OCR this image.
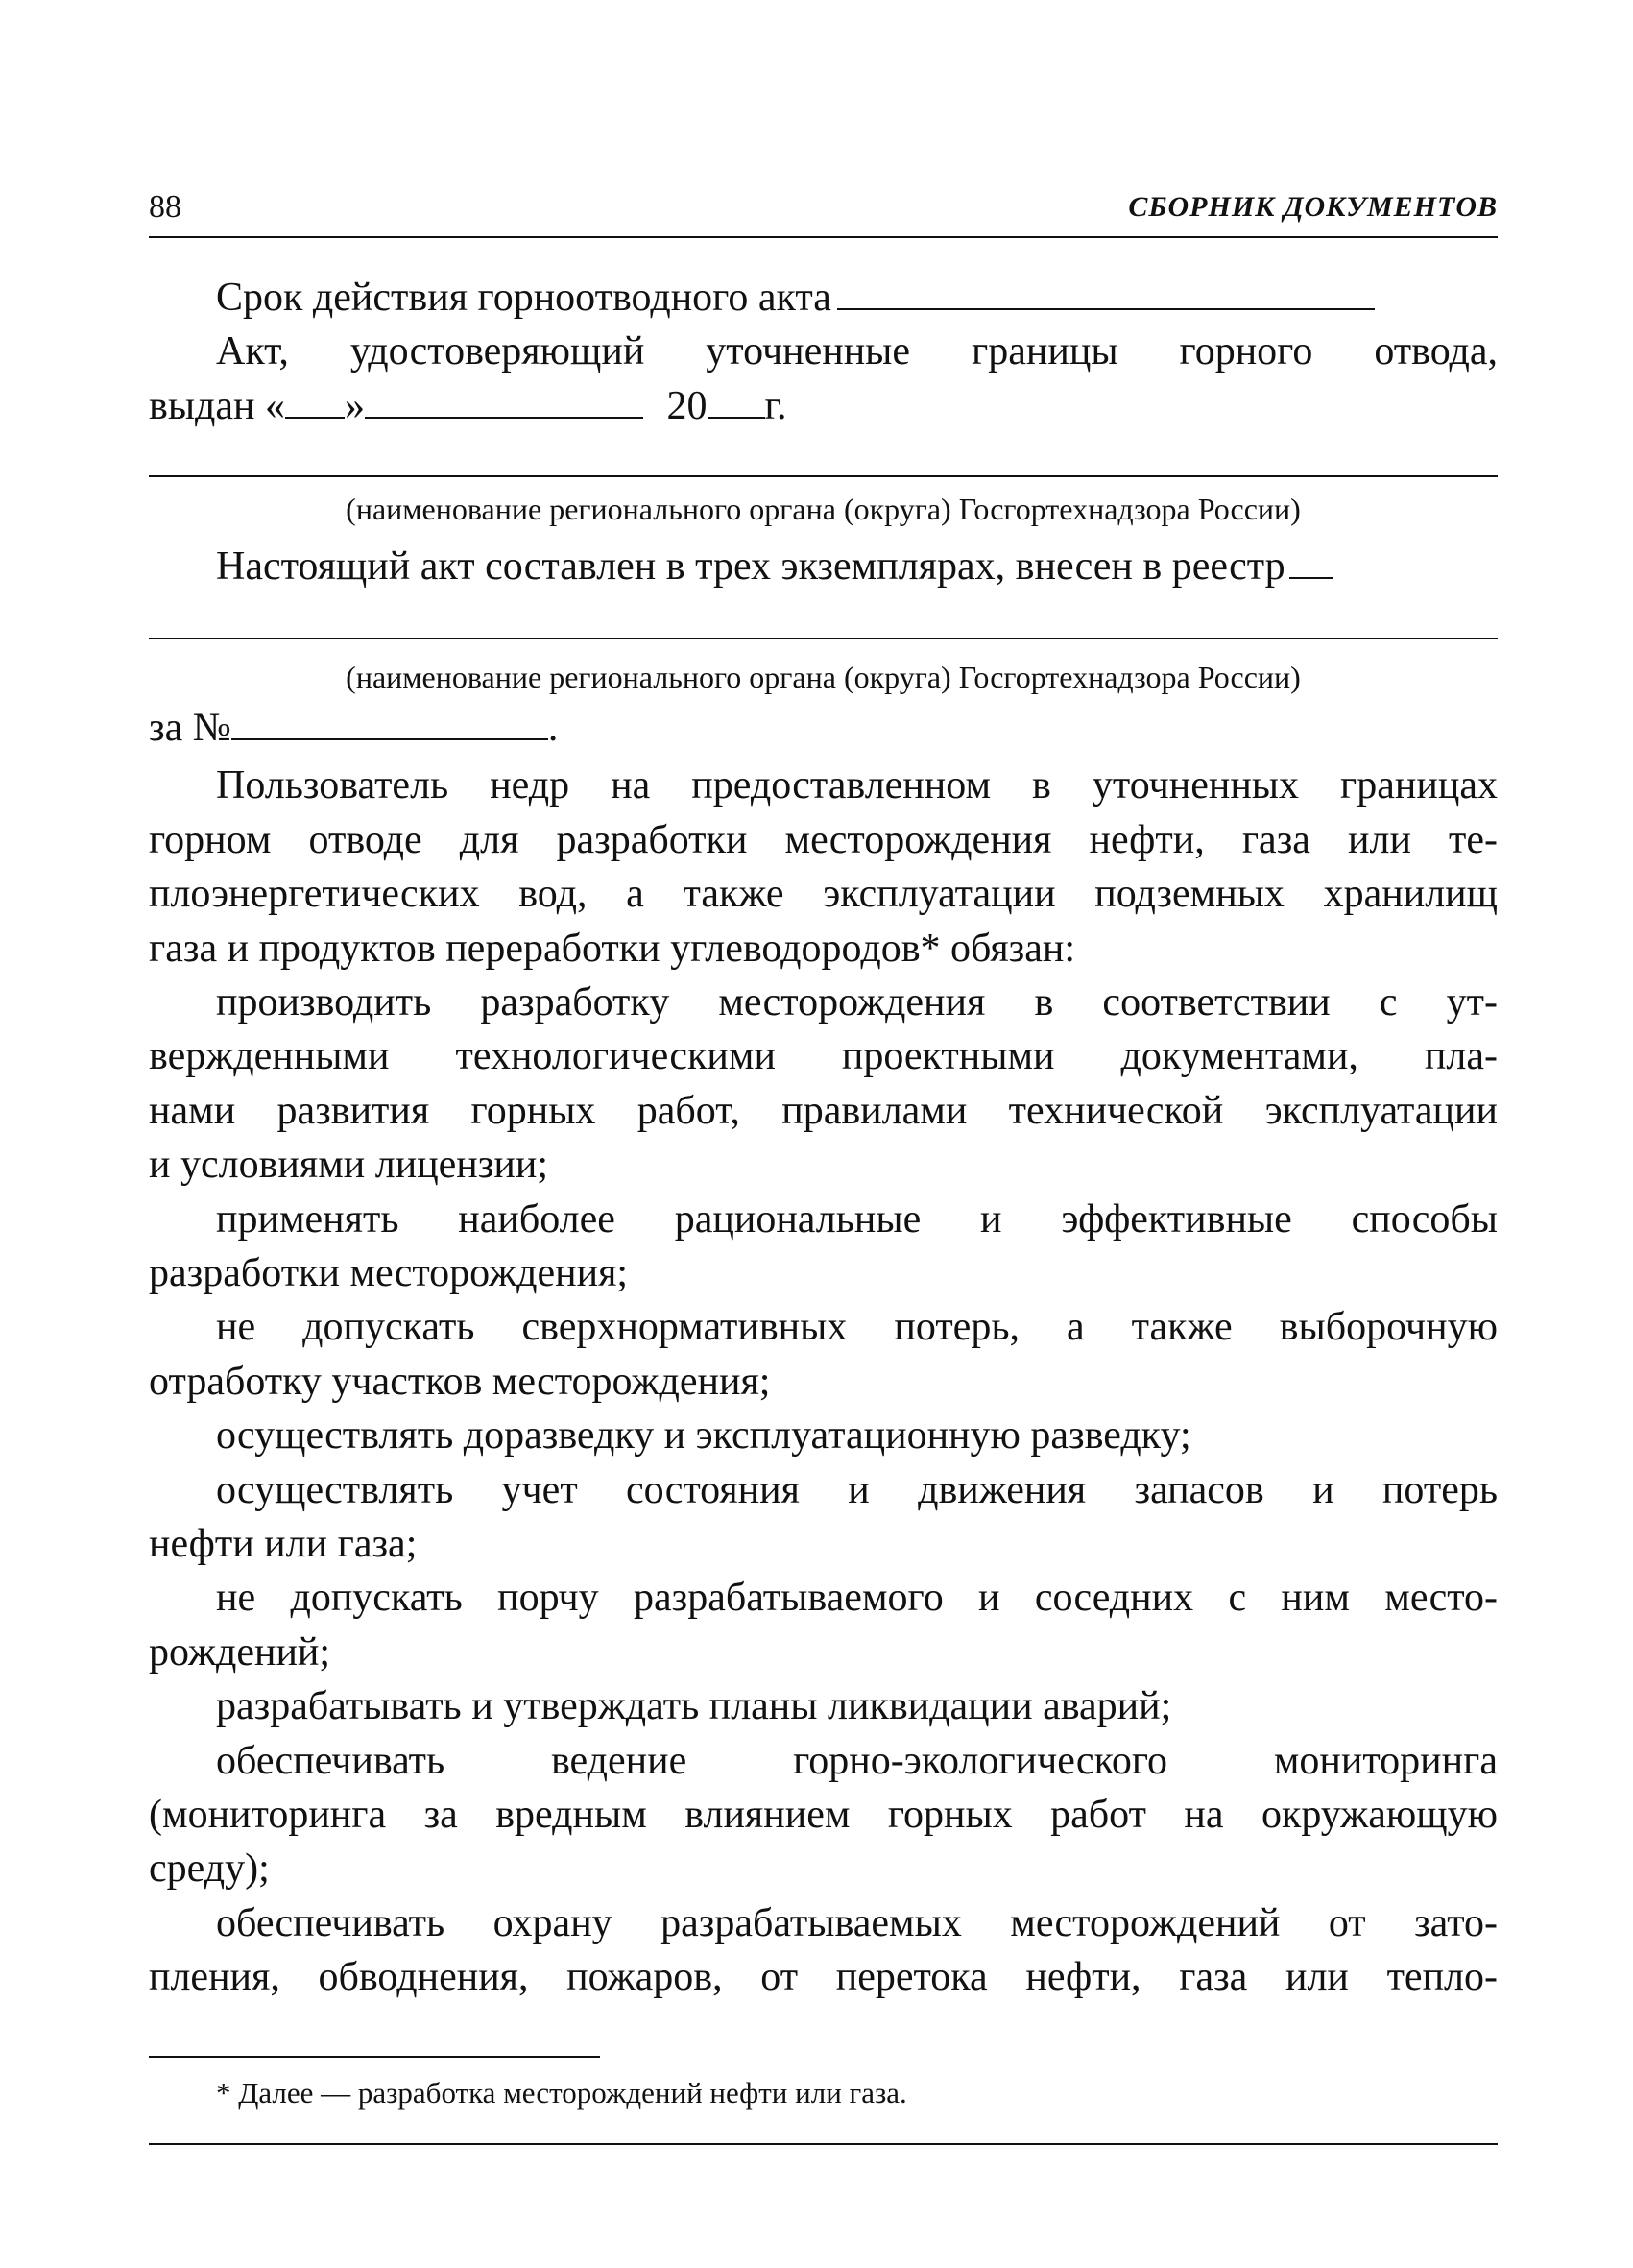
88	СБОРНИК ДОКУМЕНТОВ
Срок действия горноотводного акта
Акт, удостоверяющий уточненные границы горного отвода,
выдан « »	20 г.
(наименование регионального органа (округа) Госгортехнадзора России)
Настоящий акт составлен в трех экземплярах, внесен в реестр
(наименование регионального органа (округа) Госгортехнадзора России)
за №	.
Пользователь недр на предоставленном в уточненных границах
горном отводе для разработки месторождения нефти, газа или те-
плоэнергетических вод, а также эксплуатации подземных хранилищ
газа и продуктов переработки углеводородов* обязан:
производить разработку месторождения в соответствии с ут-
вержденными технологическими проектными документами, пла-
нами развития горных работ, правилами технической эксплуатации
и условиями лицензии;
применять наиболее рациональные и эффективные способы
разработки месторождения;
не допускать сверхнормативных потерь, а также выборочную
отработку участков месторождения;
осуществлять доразведку и эксплуатационную разведку;
осуществлять учет состояния и движения запасов и потерь
нефти или газа;
не допускать порчу разрабатываемого и соседних с ним место-
рождений;
разрабатывать и утверждать планы ликвидации аварий;
обеспечивать ведение горно-экологического мониторинга
(мониторинга за вредным влиянием горных работ на окружающую
среду);
обеспечивать охрану разрабатываемых месторождений от зато-
пления, обводнения, пожаров, от перетока нефти, газа или тепло-
* Далее — разработка месторождений нефти или газа.
